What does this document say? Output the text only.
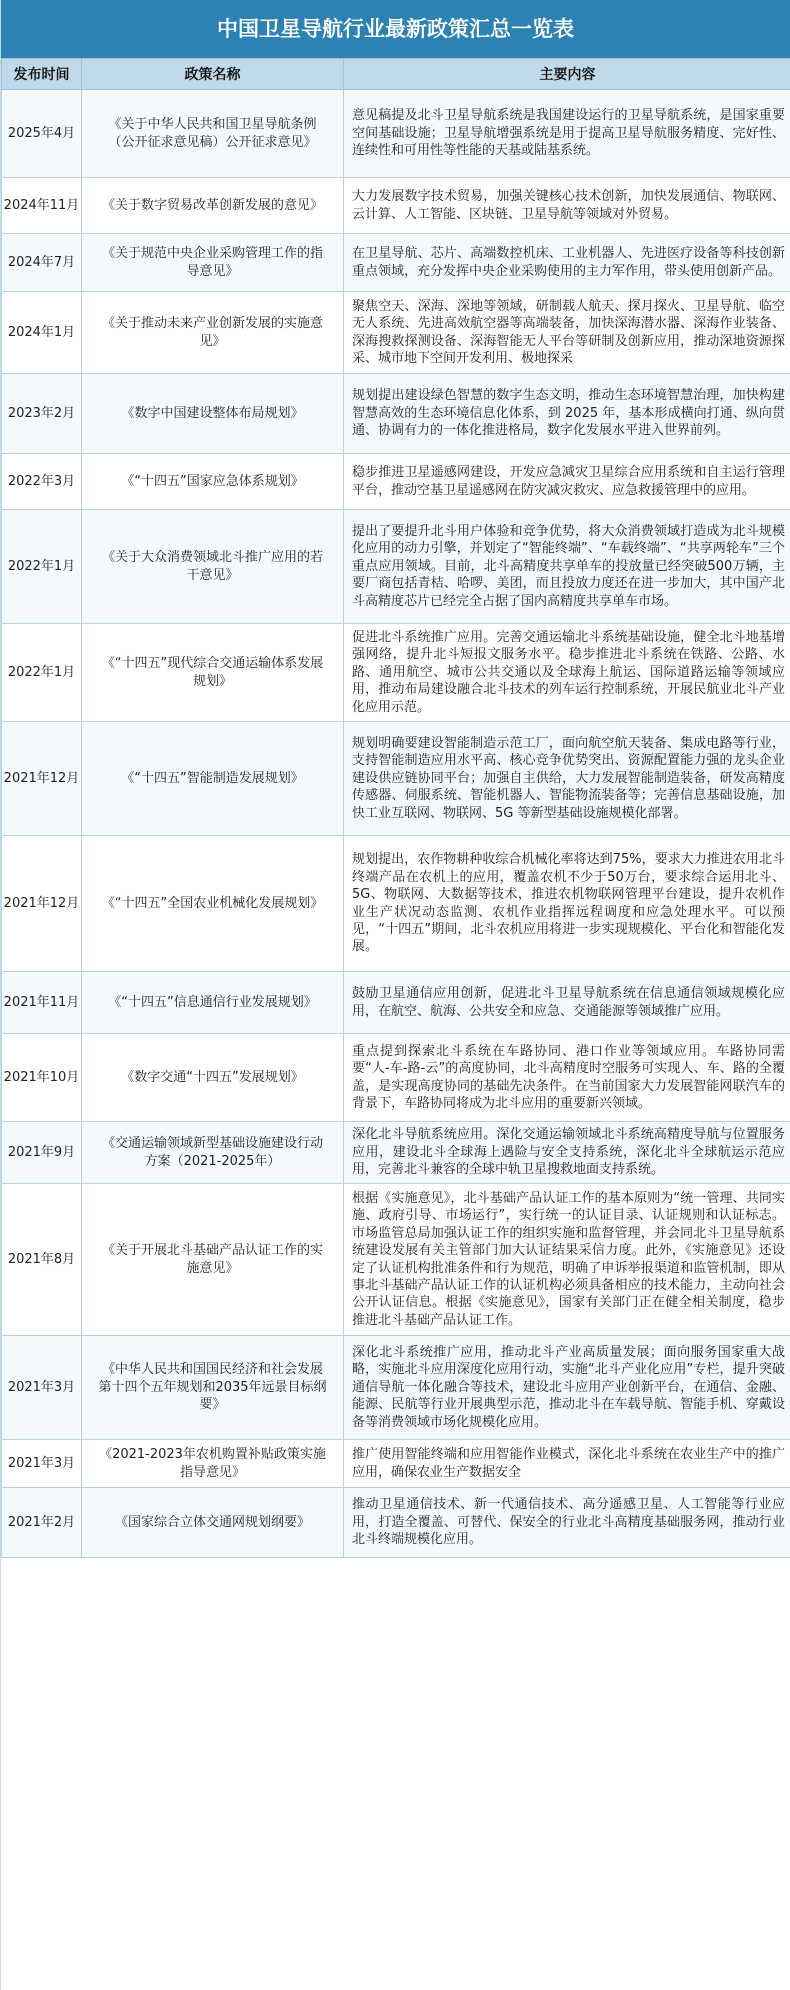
中国卫星导航行业最新政策汇总一览表
发布时间	政策名称	主要内容

2025年4月	《关于中华人民共和国卫星导航条例（公开征求意见稿）公开征求意见》	意见稿提及北斗卫星导航系统是我国建设运行的卫星导航系统，是国家重要空间基础设施；卫星导航增强系统是用于提高卫星导航服务精度、完好性、连续性和可用性等性能的天基或陆基系统。

2024年11月	《关于数字贸易改革创新发展的意见》	大力发展数字技术贸易，加强关键核心技术创新，加快发展通信、物联网、云计算、人工智能、区块链、卫星导航等领域对外贸易。

2024年7月	《关于规范中央企业采购管理工作的指导意见》	在卫星导航、芯片、高端数控机床、工业机器人、先进医疗设备等科技创新重点领域，充分发挥中央企业采购使用的主力军作用，带头使用创新产品。

2024年1月	《关于推动未来产业创新发展的实施意见》	聚焦空天、深海、深地等领域，研制载人航天、探月探火、卫星导航、临空无人系统、先进高效航空器等高端装备，加快深海潜水器、深海作业装备、深海搜救探测设备、深海智能无人平台等研制及创新应用，推动深地资源探采、城市地下空间开发利用、极地探采

2023年2月	《数字中国建设整体布局规划》	规划提出建设绿色智慧的数字生态文明，推动生态环境智慧治理，加快构建智慧高效的生态环境信息化体系，到 2025 年，基本形成横向打通、纵向贯通、协调有力的一体化推进格局，数字化发展水平进入世界前列。

2022年3月	《“十四五”国家应急体系规划》	稳步推进卫星遥感网建设，开发应急减灾卫星综合应用系统和自主运行管理平台，推动空基卫星遥感网在防灾减灾救灾、应急救援管理中的应用。

2022年1月	《关于大众消费领域北斗推广应用的若干意见》	提出了要提升北斗用户体验和竞争优势，将大众消费领域打造成为北斗规模化应用的动力引擎，并划定了“智能终端”、“车载终端”、“共享两轮车”三个重点应用领域。目前，北斗高精度共享单车的投放量已经突破500万辆，主要厂商包括青桔、哈啰、美团，而且投放力度还在进一步加大，其中国产北斗高精度芯片已经完全占据了国内高精度共享单车市场。

2022年1月	《“十四五”现代综合交通运输体系发展规划》	促进北斗系统推广应用。完善交通运输北斗系统基础设施，健全北斗地基增强网络，提升北斗短报文服务水平。稳步推进北斗系统在铁路、公路、水路、通用航空、城市公共交通以及全球海上航运、国际道路运输等领域应用，推动布局建设融合北斗技术的列车运行控制系统，开展民航业北斗产业化应用示范。

2021年12月	《“十四五”智能制造发展规划》	规划明确要建设智能制造示范工厂，面向航空航天装备、集成电路等行业，支持智能制造应用水平高、核心竞争优势突出、资源配置能力强的龙头企业建设供应链协同平台；加强自主供给，大力发展智能制造装备，研发高精度传感器、伺服系统、智能机器人、智能物流装备等；完善信息基础设施，加快工业互联网、物联网、5G 等新型基础设施规模化部署。

2021年12月	《“十四五”全国农业机械化发展规划》	规划提出，农作物耕种收综合机械化率将达到75%，要求大力推进农用北斗终端产品在农机上的应用，覆盖农机不少于50万台，要求综合运用北斗、5G、物联网、大数据等技术，推进农机物联网管理平台建设，提升农机作业生产状况动态监测、农机作业指挥远程调度和应急处理水平。可以预见，“十四五”期间，北斗农机应用将进一步实现规模化、平台化和智能化发展。

2021年11月	《“十四五”信息通信行业发展规划》	鼓励卫星通信应用创新，促进北斗卫星导航系统在信息通信领域规模化应用，在航空、航海、公共安全和应急、交通能源等领域推广应用。

2021年10月	《数字交通“十四五”发展规划》	重点提到探索北斗系统在车路协同、港口作业等领域应用。车路协同需要“人-车-路-云”的高度协同，北斗高精度时空服务可实现人、车、路的全覆盖，是实现高度协同的基础先决条件。在当前国家大力发展智能网联汽车的背景下，车路协同将成为北斗应用的重要新兴领域。

2021年9月	《交通运输领域新型基础设施建设行动方案（2021-2025年）	深化北斗导航系统应用。深化交通运输领域北斗系统高精度导航与位置服务应用，建设北斗全球海上遇险与安全支持系统，深化北斗全球航运示范应用，完善北斗兼容的全球中轨卫星搜救地面支持系统。

2021年8月	《关于开展北斗基础产品认证工作的实施意见》	根据《实施意见》，北斗基础产品认证工作的基本原则为“统一管理、共同实施、政府引导、市场运行”，实行统一的认证目录、认证规则和认证标志。市场监管总局加强认证工作的组织实施和监督管理，并会同北斗卫星导航系统建设发展有关主管部门加大认证结果采信力度。此外，《实施意见》还设定了认证机构批准条件和行为规范，明确了申诉举报渠道和监管机制，即从事北斗基础产品认证工作的认证机构必须具备相应的技术能力，主动向社会公开认证信息。根据《实施意见》，国家有关部门正在健全相关制度，稳步推进北斗基础产品认证工作。

2021年3月	《中华人民共和国国民经济和社会发展第十四个五年规划和2035年远景目标纲要》	深化北斗系统推广应用，推动北斗产业高质量发展；面向服务国家重大战略，实施北斗应用深度化应用行动，实施“北斗产业化应用”专栏，提升突破通信导航一体化融合等技术，建设北斗应用产业创新平台，在通信、金融、能源、民航等行业开展典型示范，推动北斗在车载导航、智能手机、穿戴设备等消费领域市场化规模化应用。

2021年3月	《2021-2023年农机购置补贴政策实施指导意见》	推广使用智能终端和应用智能作业模式，深化北斗系统在农业生产中的推广应用，确保农业生产数据安全

2021年2月	《国家综合立体交通网规划纲要》	推动卫星通信技术、新一代通信技术、高分遥感卫星、人工智能等行业应用，打造全覆盖、可替代、保安全的行业北斗高精度基础服务网，推动行业北斗终端规模化应用。
